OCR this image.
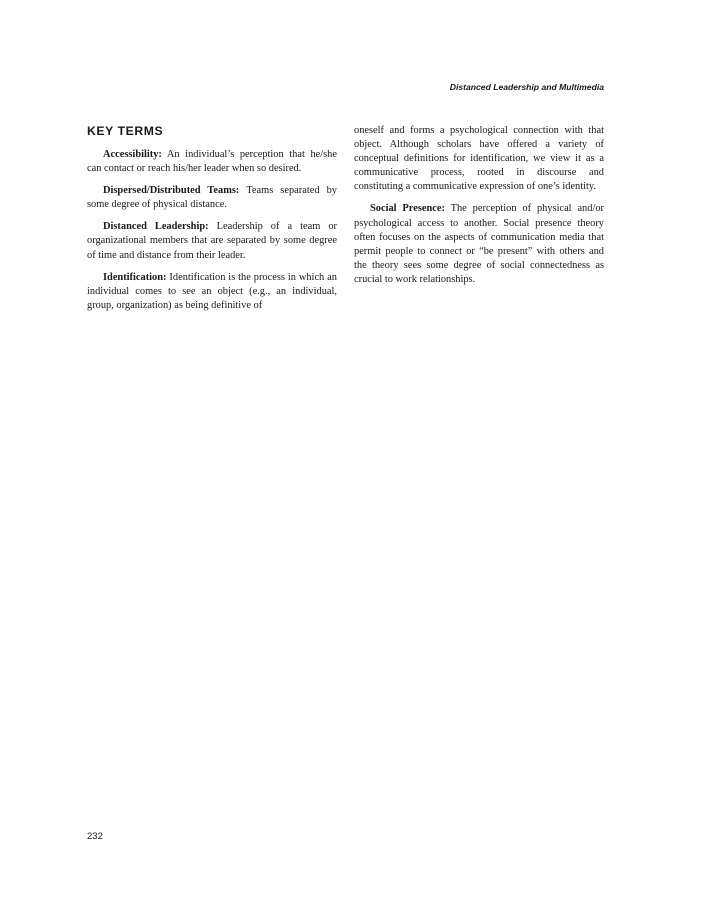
Distanced Leadership and Multimedia
KEY TERMS

Accessibility: An individual’s perception that he/she can contact or reach his/her leader when so desired.

Dispersed/Distributed Teams: Teams separated by some degree of physical distance.

Distanced Leadership: Leadership of a team or organizational members that are separated by some degree of time and distance from their leader.

Identification: Identification is the process in which an individual comes to see an object (e.g., an individual, group, organization) as being definitive of

oneself and forms a psychological connection with that object. Although scholars have offered a variety of conceptual definitions for identification, we view it as a communicative process, rooted in discourse and constituting a communicative expression of one’s identity.

Social Presence: The perception of physical and/or psychological access to another. Social presence theory often focuses on the aspects of communication media that permit people to connect or “be present” with others and the theory sees some degree of social connectedness as crucial to work relationships.

232
